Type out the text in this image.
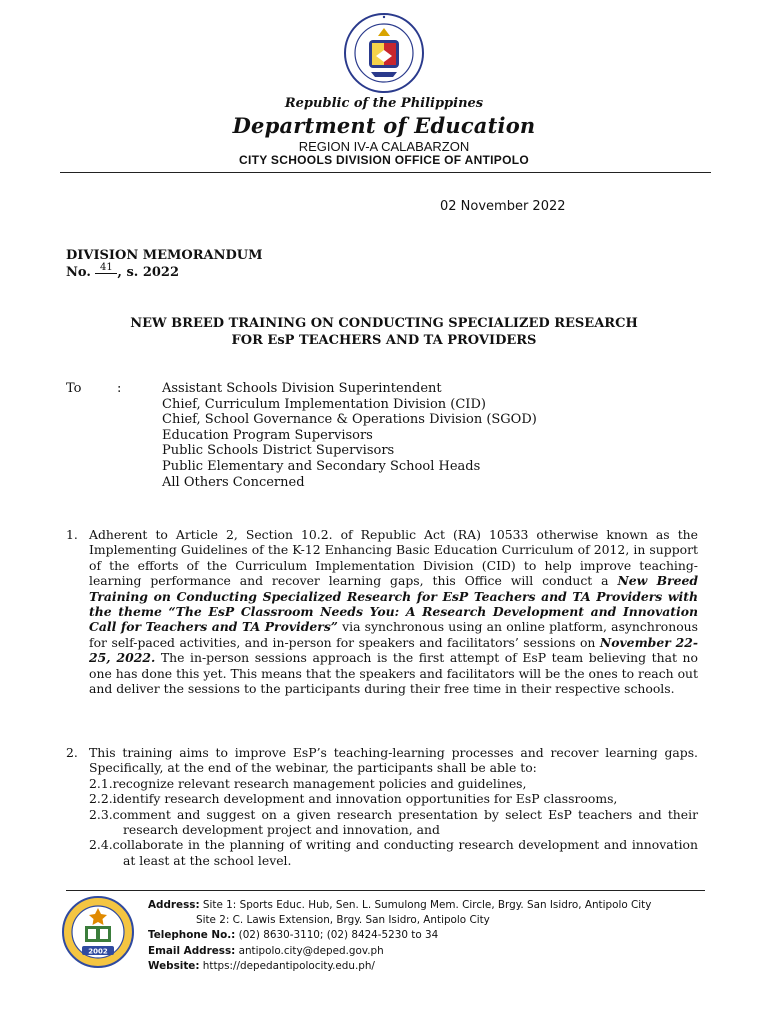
Republic of the Philippines
Department of Education
REGION IV-A CALABARZON
CITY SCHOOLS DIVISION OFFICE OF ANTIPOLO
02 November 2022
DIVISION MEMORANDUM
No. 41 , s. 2022
NEW BREED TRAINING ON CONDUCTING SPECIALIZED RESEARCH
FOR EsP TEACHERS AND TA PROVIDERS
To	:	Assistant Schools Division Superintendent
Chief, Curriculum Implementation Division (CID)
Chief, School Governance & Operations Division (SGOD)
Education Program Supervisors
Public Schools District Supervisors
Public Elementary and Secondary School Heads
All Others Concerned
1. Adherent to Article 2, Section 10.2. of Republic Act (RA) 10533 otherwise known as the Implementing Guidelines of the K-12 Enhancing Basic Education Curriculum of 2012, in support of the efforts of the Curriculum Implementation Division (CID) to help improve teaching-learning performance and recover learning gaps, this Office will conduct a New Breed Training on Conducting Specialized Research for EsP Teachers and TA Providers with the theme “The EsP Classroom Needs You: A Research Development and Innovation Call for Teachers and TA Providers” via synchronous using an online platform, asynchronous for self-paced activities, and in-person for speakers and facilitators’ sessions on November 22-25, 2022. The in-person sessions approach is the first attempt of EsP team believing that no one has done this yet. This means that the speakers and facilitators will be the ones to reach out and deliver the sessions to the participants during their free time in their respective schools.
2. This training aims to improve EsP’s teaching-learning processes and recover learning gaps. Specifically, at the end of the webinar, the participants shall be able to:
2.1.recognize relevant research management policies and guidelines,
2.2.identify research development and innovation opportunities for EsP classrooms,
2.3.comment and suggest on a given research presentation by select EsP teachers and their research development project and innovation, and
2.4.collaborate in the planning of writing and conducting research development and innovation at least at the school level.
2002
Address: Site 1: Sports Educ. Hub, Sen. L. Sumulong Mem. Circle, Brgy. San Isidro, Antipolo City
Site 2: C. Lawis Extension, Brgy. San Isidro, Antipolo City
Telephone No.: (02) 8630-3110; (02) 8424-5230 to 34
Email Address: antipolo.city@deped.gov.ph
Website: https://depedantipolocity.edu.ph/
